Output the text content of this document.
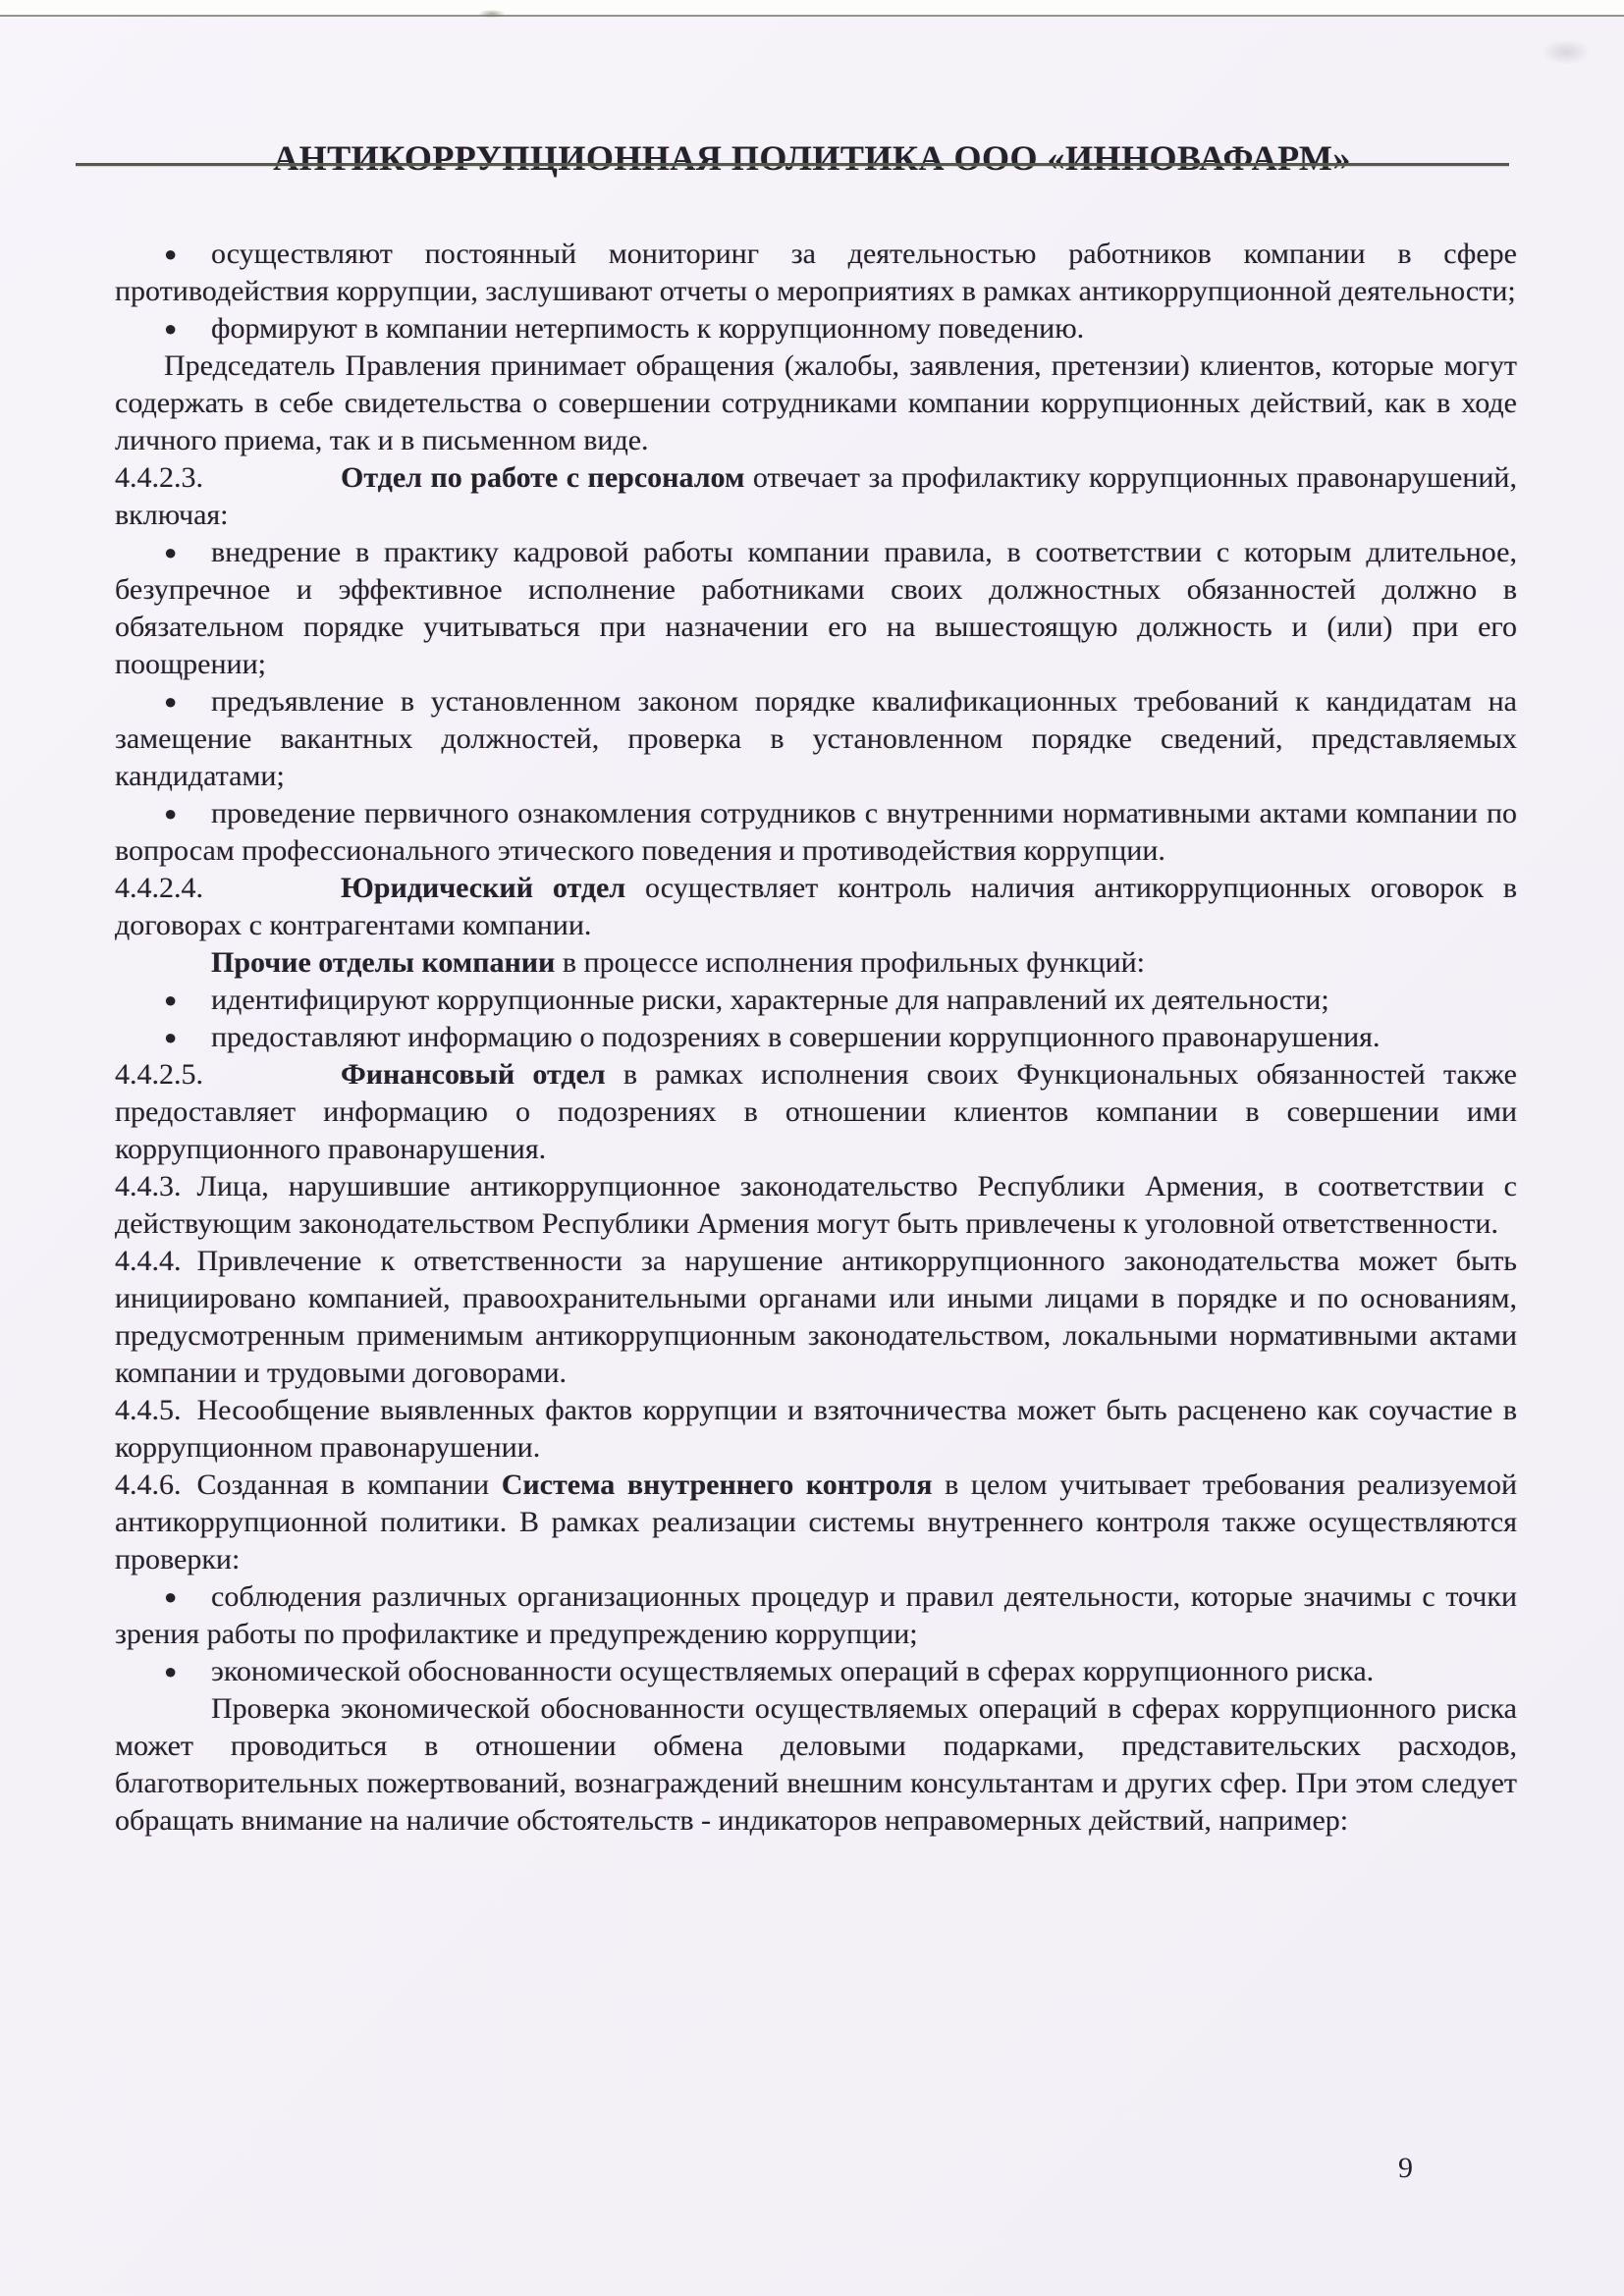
АНТИКОРРУПЦИОННАЯ ПОЛИТИКА ООО «ИННОВАФАРМ»

● осуществляют постоянный мониторинг за деятельностью работников компании в сфере противодействия коррупции, заслушивают отчеты о мероприятиях в рамках антикоррупционной деятельности;

● формируют в компании нетерпимость к коррупционному поведению.

Председатель Правления принимает обращения (жалобы, заявления, претензии) клиентов, которые могут содержать в себе свидетельства о совершении сотрудниками компании коррупционных действий, как в ходе личного приема, так и в письменном виде.

4.4.2.3.	Отдел по работе с персоналом отвечает за профилактику коррупционных правонарушений, включая:

● внедрение в практику кадровой работы компании правила, в соответствии с которым длительное, безупречное и эффективное исполнение работниками своих должностных обязанностей должно в обязательном порядке учитываться при назначении его на вышестоящую должность и (или) при его поощрении;

● предъявление в установленном законом порядке квалификационных требований к кандидатам на замещение вакантных должностей, проверка в установленном порядке сведений, представляемых кандидатами;

● проведение первичного ознакомления сотрудников с внутренними нормативными актами компании по вопросам профессионального этического поведения и противодействия коррупции.

4.4.2.4.	Юридический отдел осуществляет контроль наличия антикоррупционных оговорок в договорах с контрагентами компании.

Прочие отделы компании в процессе исполнения профильных функций:

● идентифицируют коррупционные риски, характерные для направлений их деятельности;

● предоставляют информацию о подозрениях в совершении коррупционного правонарушения.

4.4.2.5.	Финансовый отдел в рамках исполнения своих Функциональных обязанностей также предоставляет информацию о подозрениях в отношении клиентов компании в совершении ими коррупционного правонарушения.

4.4.3. Лица, нарушившие антикоррупционное законодательство Республики Армения, в соответствии с действующим законодательством Республики Армения могут быть привлечены к уголовной ответственности.

4.4.4. Привлечение к ответственности за нарушение антикоррупционного законодательства может быть инициировано компанией, правоохранительными органами или иными лицами в порядке и по основаниям, предусмотренным применимым антикоррупционным законодательством, локальными нормативными актами компании и трудовыми договорами.

4.4.5. Несообщение выявленных фактов коррупции и взяточничества может быть расценено как соучастие в коррупционном правонарушении.

4.4.6. Созданная в компании Система внутреннего контроля в целом учитывает требования реализуемой антикоррупционной политики. В рамках реализации системы внутреннего контроля также осуществляются проверки:

● соблюдения различных организационных процедур и правил деятельности, которые значимы с точки зрения работы по профилактике и предупреждению коррупции;

● экономической обоснованности осуществляемых операций в сферах коррупционного риска.

Проверка экономической обоснованности осуществляемых операций в сферах коррупционного риска может проводиться в отношении обмена деловыми подарками, представительских расходов, благотворительных пожертвований, вознаграждений внешним консультантам и других сфер. При этом следует обращать внимание на наличие обстоятельств - индикаторов неправомерных действий, например:

9
